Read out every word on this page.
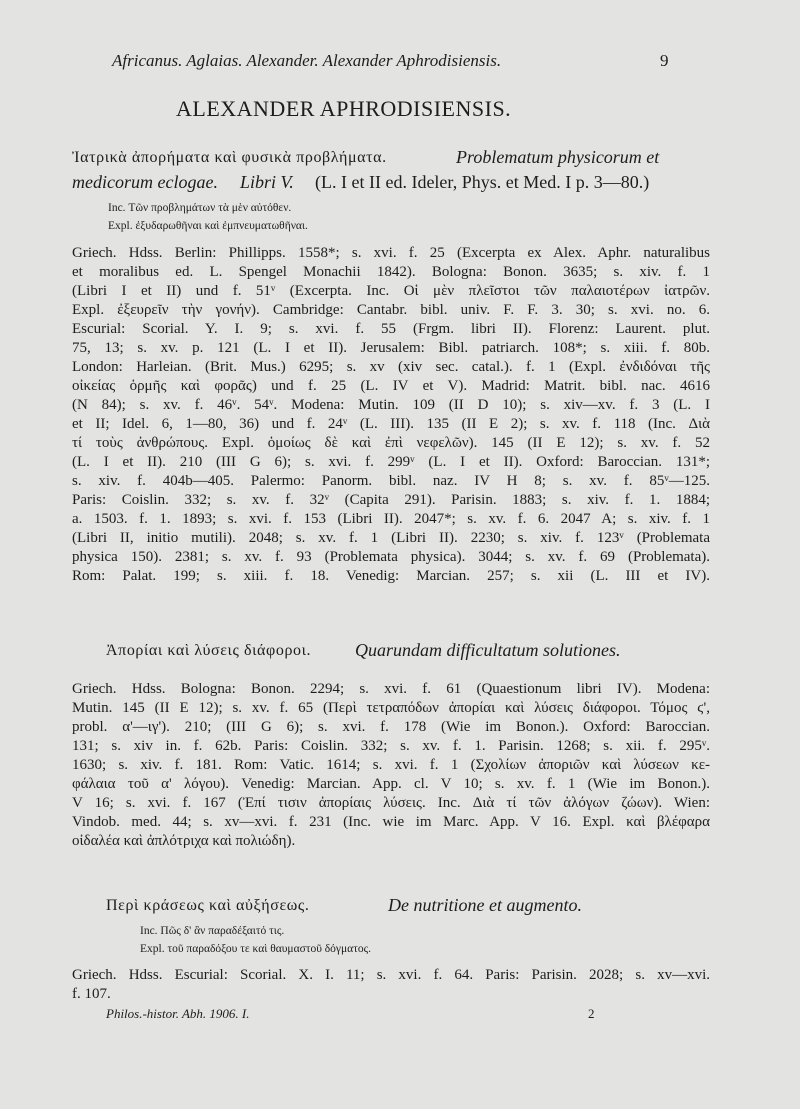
Africanus. Aglaias. Alexander. Alexander Aphrodisiensis.	9
ALEXANDER APHRODISIENSIS.
Ἰατρικὰ ἀπορήματα καὶ φυσικὰ προβλήματα.	Problematum physicorum et
medicorum eclogae. Libri V. (L. I et II ed. Ideler, Phys. et Med. I p. 3—80.)
Inc. Τῶν προβλημάτων τὰ μὲν αὐτόθεν.
Expl. ἐξυδαρωθῆναι καὶ ἐμπνευματωθῆναι.
Griech. Hdss. Berlin: Phillipps. 1558*; s. xvi. f. 25 (Excerpta ex Alex. Aphr. naturalibus
et moralibus ed. L. Spengel Monachii 1842). Bologna: Bonon. 3635; s. xiv. f. 1
(Libri I et II) und f. 51ᵛ (Excerpta. Inc. Οἱ μὲν πλεῖστοι τῶν παλαιοτέρων ἰατρῶν.
Expl. ἐξευρεῖν τὴν γονήν). Cambridge: Cantabr. bibl. univ. F. F. 3. 30; s. xvi. no. 6.
Escurial: Scorial. Y. I. 9; s. xvi. f. 55 (Frgm. libri II). Florenz: Laurent. plut.
75, 13; s. xv. p. 121 (L. I et II). Jerusalem: Bibl. patriarch. 108*; s. xiii. f. 80b.
London: Harleian. (Brit. Mus.) 6295; s. xv (xiv sec. catal.). f. 1 (Expl. ἐνδιδόναι τῆς
οἰκείας ὁρμῆς καὶ φορᾶς) und f. 25 (L. IV et V). Madrid: Matrit. bibl. nac. 4616
(N 84); s. xv. f. 46ᵛ. 54ᵛ. Modena: Mutin. 109 (II D 10); s. xiv—xv. f. 3 (L. I
et II; Idel. 6, 1—80, 36) und f. 24ᵛ (L. III). 135 (II E 2); s. xv. f. 118 (Inc. Διὰ
τί τοὺς ἀνθρώπους. Expl. ὁμοίως δὲ καὶ ἐπὶ νεφελῶν). 145 (II E 12); s. xv. f. 52
(L. I et II). 210 (III G 6); s. xvi. f. 299ᵛ (L. I et II). Oxford: Baroccian. 131*;
s. xiv. f. 404b—405. Palermo: Panorm. bibl. naz. IV H 8; s. xv. f. 85ᵛ—125.
Paris: Coislin. 332; s. xv. f. 32ᵛ (Capita 291). Parisin. 1883; s. xiv. f. 1. 1884;
a. 1503. f. 1. 1893; s. xvi. f. 153 (Libri II). 2047*; s. xv. f. 6. 2047 A; s. xiv. f. 1
(Libri II, initio mutili). 2048; s. xv. f. 1 (Libri II). 2230; s. xiv. f. 123ᵛ (Problemata
physica 150). 2381; s. xv. f. 93 (Problemata physica). 3044; s. xv. f. 69 (Problemata).
Rom: Palat. 199; s. xiii. f. 18. Venedig: Marcian. 257; s. xii (L. III et IV).
Ἀπορίαι καὶ λύσεις διάφοροι. Quarundam difficultatum solutiones.
Griech. Hdss. Bologna: Bonon. 2294; s. xvi. f. 61 (Quaestionum libri IV). Modena:
Mutin. 145 (II E 12); s. xv. f. 65 (Περὶ τετραπόδων ἀπορίαι καὶ λύσεις διάφοροι. Τόμος ϛ',
probl. α'—ιγ'). 210; (III G 6); s. xvi. f. 178 (Wie im Bonon.). Oxford: Baroccian.
131; s. xiv in. f. 62b. Paris: Coislin. 332; s. xv. f. 1. Parisin. 1268; s. xii. f. 295ᵛ.
1630; s. xiv. f. 181. Rom: Vatic. 1614; s. xvi. f. 1 (Σχολίων ἀποριῶν καὶ λύσεων κε-
φάλαια τοῦ α' λόγου). Venedig: Marcian. App. cl. V 10; s. xv. f. 1 (Wie im Bonon.).
V 16; s. xvi. f. 167 (Ἐπί τισιν ἀπορίαις λύσεις. Inc. Διὰ τί τῶν ἀλόγων ζώων). Wien:
Vindob. med. 44; s. xv—xvi. f. 231 (Inc. wie im Marc. App. V 16. Expl. καὶ βλέφαρα
οἰδαλέα καὶ ἀπλότριχα καὶ πολιώδη).
Περὶ κράσεως καὶ αὐξήσεως.	De nutritione et augmento.
Inc. Πῶς δ' ἂν παραδέξαιτό τις.
Expl. τοῦ παραδόξου τε καὶ θαυμαστοῦ δόγματος.
Griech. Hdss. Escurial: Scorial. X. I. 11; s. xvi. f. 64. Paris: Parisin. 2028; s. xv—xvi.
f. 107.
Philos.-histor. Abh. 1906. I.	2
